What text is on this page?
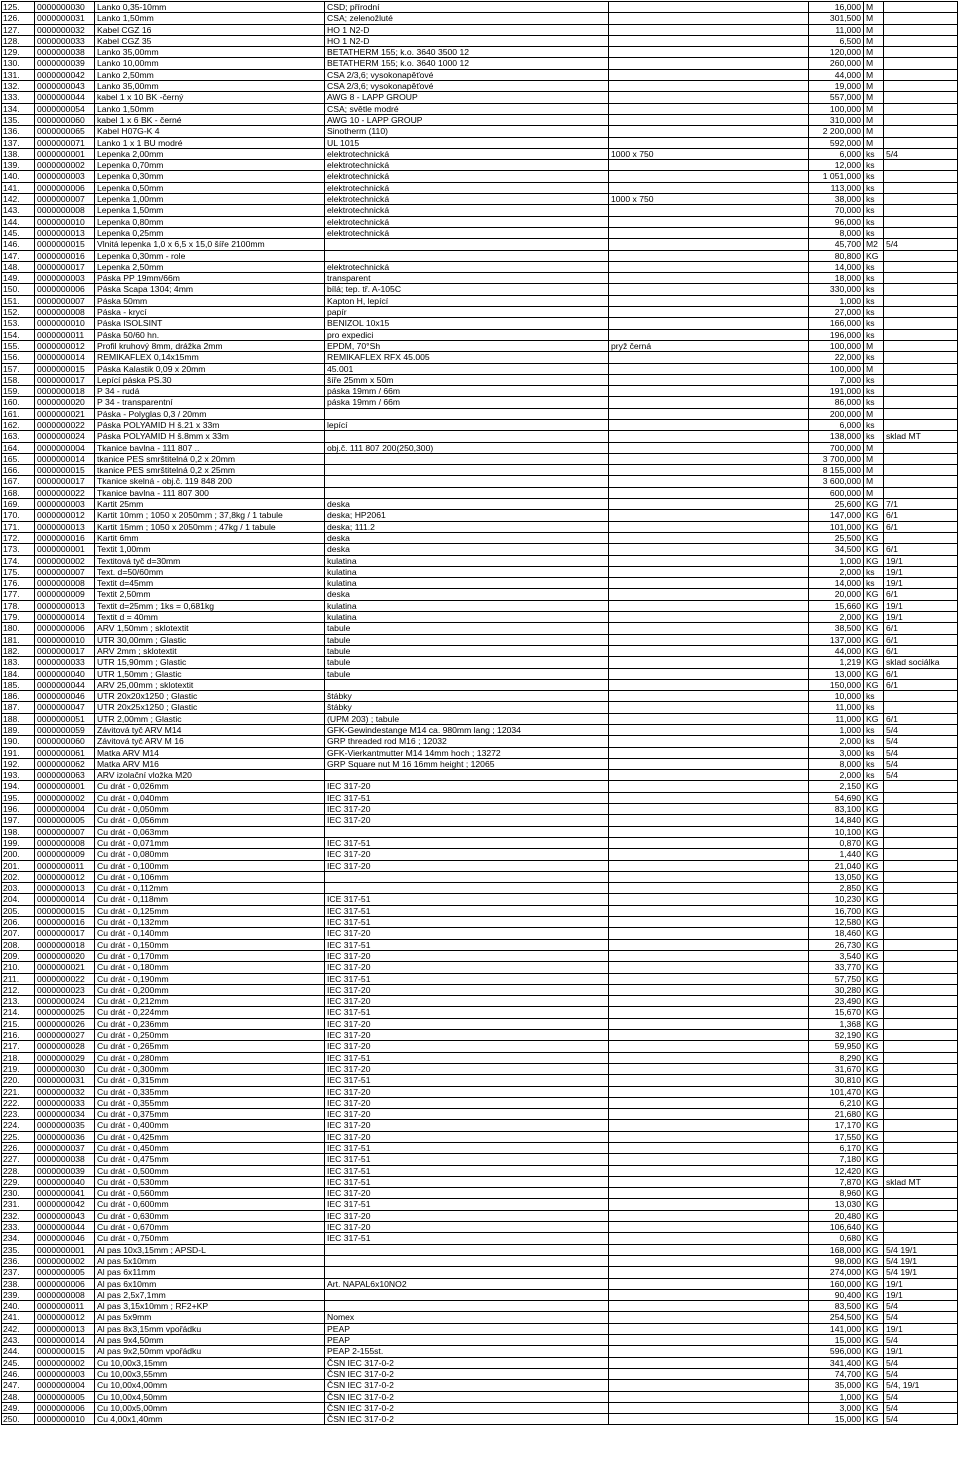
125.	0000000030	Lanko 0,35-10mm	CSD; přírodní		16,000	M	
126.	0000000031	Lanko 1,50mm	CSA; zelenožluté		301,500	M	
127.	0000000032	Kabel CGZ 16	HO 1 N2-D		11,000	M	
128.	0000000033	Kabel CGZ 35	HO 1 N2-D		6,500	M	
129.	0000000038	Lanko 35,00mm	BETATHERM 155; k.o. 3640 3500 12		120,000	M	
130.	0000000039	Lanko 10,00mm	BETATHERM 155; k.o. 3640 1000 12		260,000	M	
131.	0000000042	Lanko 2,50mm	CSA 2/3,6; vysokonapěťové		44,000	M	
132.	0000000043	Lanko 35,00mm	CSA 2/3,6; vysokonapěťové		19,000	M	
133.	0000000044	kabel 1 x 10 BK -černý	AWG 8 - LAPP GROUP		557,000	M	
134.	0000000054	Lanko 1,50mm	CSA; světle modré		100,000	M	
135.	0000000060	kabel 1 x 6 BK - černé	AWG 10 - LAPP GROUP		310,000	M	
136.	0000000065	Kabel H07G-K 4	Sinotherm (110)		2 200,000	M	
137.	0000000071	Lanko 1 x 1 BU modré	UL 1015		592,000	M	
138.	0000000001	Lepenka 2,00mm	elektrotechnická	1000 x 750	6,000	ks	5/4
139.	0000000002	Lepenka 0,70mm	elektrotechnická		12,000	ks	
140.	0000000003	Lepenka 0,30mm	elektrotechnická		1 051,000	ks	
141.	0000000006	Lepenka 0,50mm	elektrotechnická		113,000	ks	
142.	0000000007	Lepenka 1,00mm	elektrotechnická	1000 x 750	38,000	ks	
143.	0000000008	Lepenka 1,50mm	elektrotechnická		70,000	ks	
144.	0000000010	Lepenka 0,80mm	elektrotechnická		96,000	ks	
145.	0000000013	Lepenka 0,25mm	elektrotechnická		8,000	ks	
146.	0000000015	Vlnitá lepenka 1,0 x 6,5 x 15,0 šíře 2100mm			45,700	M2	5/4
147.	0000000016	Lepenka 0,30mm - role			80,800	KG	
148.	0000000017	Lepenka 2,50mm	elektrotechnická		14,000	ks	
149.	0000000003	Páska PP 19mm/66m	transparent		18,000	ks	
150.	0000000006	Páska Scapa 1304; 4mm	bílá; tep. tř. A-105C		330,000	ks	
151.	0000000007	Páska 50mm	Kapton H, lepící		1,000	ks	
152.	0000000008	Páska - krycí	papír		27,000	ks	
153.	0000000010	Páska ISOLSINT	BENIZOL 10x15		166,000	ks	
154.	0000000011	Páska 50/60 hn.	pro expedici		196,000	ks	
155.	0000000012	Profil kruhový 8mm, drážka 2mm	EPDM, 70°Sh	pryž černá	100,000	M	
156.	0000000014	REMIKAFLEX 0,14x15mm	REMIKAFLEX RFX 45.005		22,000	ks	
157.	0000000015	Páska Kalastik 0,09 x 20mm	45.001		100,000	M	
158.	0000000017	Lepící páska PS.30	šíře 25mm x 50m		7,000	ks	
159.	0000000018	P 34 - rudá	páska 19mm / 66m		191,000	ks	
160.	0000000020	P 34 - transparentní	páska 19mm / 66m		86,000	ks	
161.	0000000021	Páska - Polyglas 0,3 / 20mm			200,000	M	
162.	0000000022	Páska POLYAMID H š.21 x 33m	lepící		6,000	ks	
163.	0000000024	Páska POLYAMID H š.8mm x 33m			138,000	ks	sklad MT
164.	0000000004	Tkanice bavlna - 111 807 ..	obj.č. 111 807 200(250,300)		700,000	M	
165.	0000000014	tkanice PES smrštitelná 0,2 x 20mm			3 700,000	M	
166.	0000000015	tkanice PES smrštitelná 0,2 x 25mm			8 155,000	M	
167.	0000000017	Tkanice skelná - obj.č. 119 848 200			3 600,000	M	
168.	0000000022	Tkanice bavlna - 111 807 300			600,000	M	
169.	0000000003	Kartit 25mm	deska		25,600	KG	7/1
170.	0000000012	Kartit 10mm ; 1050 x 2050mm ; 37,8kg / 1 tabule	deska; HP2061		147,000	KG	6/1
171.	0000000013	Kartit 15mm ; 1050 x 2050mm ; 47kg / 1 tabule	deska; 111.2		101,000	KG	6/1
172.	0000000016	Kartit 6mm	deska		25,500	KG	
173.	0000000001	Textit 1,00mm	deska		34,500	KG	6/1
174.	0000000002	Textitová tyč d=30mm	kulatina		1,000	KG	19/1
175.	0000000007	Text. d=50/60mm	kulatina		2,000	ks	19/1
176.	0000000008	Textit d=45mm	kulatina		14,000	ks	19/1
177.	0000000009	Textit 2,50mm	deska		20,000	KG	6/1
178.	0000000013	Textit d=25mm ; 1ks = 0,681kg	kulatina		15,660	KG	19/1
179.	0000000014	Textit d = 40mm	kulatina		2,000	KG	19/1
180.	0000000006	ARV 1,50mm ; sklotextit	tabule		38,500	KG	6/1
181.	0000000010	UTR 30,00mm ; Glastic	tabule		137,000	KG	6/1
182.	0000000017	ARV 2mm ; sklotextit	tabule		44,000	KG	6/1
183.	0000000033	UTR 15,90mm ; Glastic	tabule		1,219	KG	sklad sociálka
184.	0000000040	UTR 1,50mm ; Glastic	tabule		13,000	KG	6/1
185.	0000000044	ARV 25,00mm ; sklotextit			150,000	KG	6/1
186.	0000000046	UTR 20x20x1250 ; Glastic	štábky		10,000	ks	
187.	0000000047	UTR 20x25x1250 ; Glastic	štábky		11,000	ks	
188.	0000000051	UTR 2,00mm ; Glastic	(UPM 203) ; tabule		11,000	KG	6/1
189.	0000000059	Závitová tyč ARV M14	GFK-Gewindestange M14 ca. 980mm lang ; 12034		1,000	ks	5/4
190.	0000000060	Závitová tyč ARV M 16	GRP threaded rod M16 ; 12032		2,000	ks	5/4
191.	0000000061	Matka ARV M14	GFK-Vierkantmutter M14 14mm hoch ; 13272		3,000	ks	5/4
192.	0000000062	Matka ARV M16	GRP Square nut M 16 16mm height ; 12065		8,000	ks	5/4
193.	0000000063	ARV izolační vložka M20			2,000	ks	5/4
194.	0000000001	Cu drát - 0,026mm	IEC 317-20		2,150	KG	
195.	0000000002	Cu drát - 0,040mm	IEC 317-51		54,690	KG	
196.	0000000004	Cu drát - 0,050mm	IEC 317-20		83,100	KG	
197.	0000000005	Cu drát - 0,056mm	IEC 317-20		14,840	KG	
198.	0000000007	Cu drát - 0,063mm			10,100	KG	
199.	0000000008	Cu drát - 0,071mm	IEC 317-51		0,870	KG	
200.	0000000009	Cu drát - 0,080mm	IEC 317-20		1,440	KG	
201.	0000000011	Cu drát - 0,100mm	IEC 317-20		21,040	KG	
202.	0000000012	Cu drát - 0,106mm			13,050	KG	
203.	0000000013	Cu drát - 0,112mm			2,850	KG	
204.	0000000014	Cu drát - 0,118mm	ICE 317-51		10,230	KG	
205.	0000000015	Cu drát - 0,125mm	IEC 317-51		16,700	KG	
206.	0000000016	Cu drát - 0,132mm	IEC 317-51		12,580	KG	
207.	0000000017	Cu drát - 0,140mm	IEC 317-20		18,460	KG	
208.	0000000018	Cu drát - 0,150mm	IEC 317-51		26,730	KG	
209.	0000000020	Cu drát - 0,170mm	IEC 317-20		3,540	KG	
210.	0000000021	Cu drát - 0,180mm	IEC 317-20		33,770	KG	
211.	0000000022	Cu drát - 0,190mm	IEC 317-51		57,750	KG	
212.	0000000023	Cu drát - 0,200mm	IEC 317-20		30,280	KG	
213.	0000000024	Cu drát - 0,212mm	IEC 317-20		23,490	KG	
214.	0000000025	Cu drát - 0,224mm	IEC 317-51		15,670	KG	
215.	0000000026	Cu drát - 0,236mm	IEC 317-20		1,368	KG	
216.	0000000027	Cu drát - 0,250mm	IEC 317-20		32,190	KG	
217.	0000000028	Cu drát - 0,265mm	IEC 317-20		59,950	KG	
218.	0000000029	Cu drát - 0,280mm	IEC 317-51		8,290	KG	
219.	0000000030	Cu drát - 0,300mm	IEC 317-20		31,670	KG	
220.	0000000031	Cu drát - 0,315mm	IEC 317-51		30,810	KG	
221.	0000000032	Cu drát - 0,335mm	IEC 317-20		101,470	KG	
222.	0000000033	Cu drát - 0,355mm	IEC 317-20		6,210	KG	
223.	0000000034	Cu drát - 0,375mm	IEC 317-20		21,680	KG	
224.	0000000035	Cu drát - 0,400mm	IEC 317-20		17,170	KG	
225.	0000000036	Cu drát - 0,425mm	IEC 317-20		17,550	KG	
226.	0000000037	Cu drát - 0,450mm	IEC 317-51		6,170	KG	
227.	0000000038	Cu drát - 0,475mm	IEC 317-51		7,180	KG	
228.	0000000039	Cu drát - 0,500mm	IEC 317-51		12,420	KG	
229.	0000000040	Cu drát - 0,530mm	IEC 317-51		7,870	KG	sklad MT
230.	0000000041	Cu drát - 0,560mm	IEC 317-20		8,960	KG	
231.	0000000042	Cu drát - 0,600mm	IEC 317-51		13,030	KG	
232.	0000000043	Cu drát - 0,630mm	IEC 317-20		20,480	KG	
233.	0000000044	Cu drát - 0,670mm	IEC 317-20		106,640	KG	
234.	0000000046	Cu drát - 0,750mm	IEC 317-51		0,680	KG	
235.	0000000001	Al pas 10x3,15mm ; APSD-L			168,000	KG	5/4 19/1
236.	0000000002	Al pas 5x10mm			98,000	KG	5/4 19/1
237.	0000000005	Al pas 6x11mm			274,000	KG	5/4 19/1
238.	0000000006	Al pas 6x10mm	Art. NAPAL6x10NO2		160,000	KG	19/1
239.	0000000008	Al pas 2,5x7,1mm			90,400	KG	19/1
240.	0000000011	Al pas 3,15x10mm ; RF2+KP			83,500	KG	5/4
241.	0000000012	Al pas 5x9mm	Nomex		254,500	KG	5/4
242.	0000000013	Al pas 8x3,15mm vpořádku	PEAP		141,000	KG	19/1
243.	0000000014	Al pas 9x4,50mm	PEAP		15,000	KG	5/4
244.	0000000015	Al pas 9x2,50mm vpořádku	PEAP 2-155st.		596,000	KG	19/1
245.	0000000002	Cu 10,00x3,15mm	ČSN IEC 317-0-2		341,400	KG	5/4
246.	0000000003	Cu 10,00x3,55mm	ČSN IEC 317-0-2		74,700	KG	5/4
247.	0000000004	Cu 10,00x4,00mm	ČSN IEC 317-0-2		35,000	KG	5/4, 19/1
248.	0000000005	Cu 10,00x4,50mm	ČSN IEC 317-0-2		1,000	KG	5/4
249.	0000000006	Cu 10,00x5,00mm	ČSN IEC 317-0-2		3,000	KG	5/4
250.	0000000010	Cu 4,00x1,40mm	ČSN IEC 317-0-2		15,000	KG	5/4
